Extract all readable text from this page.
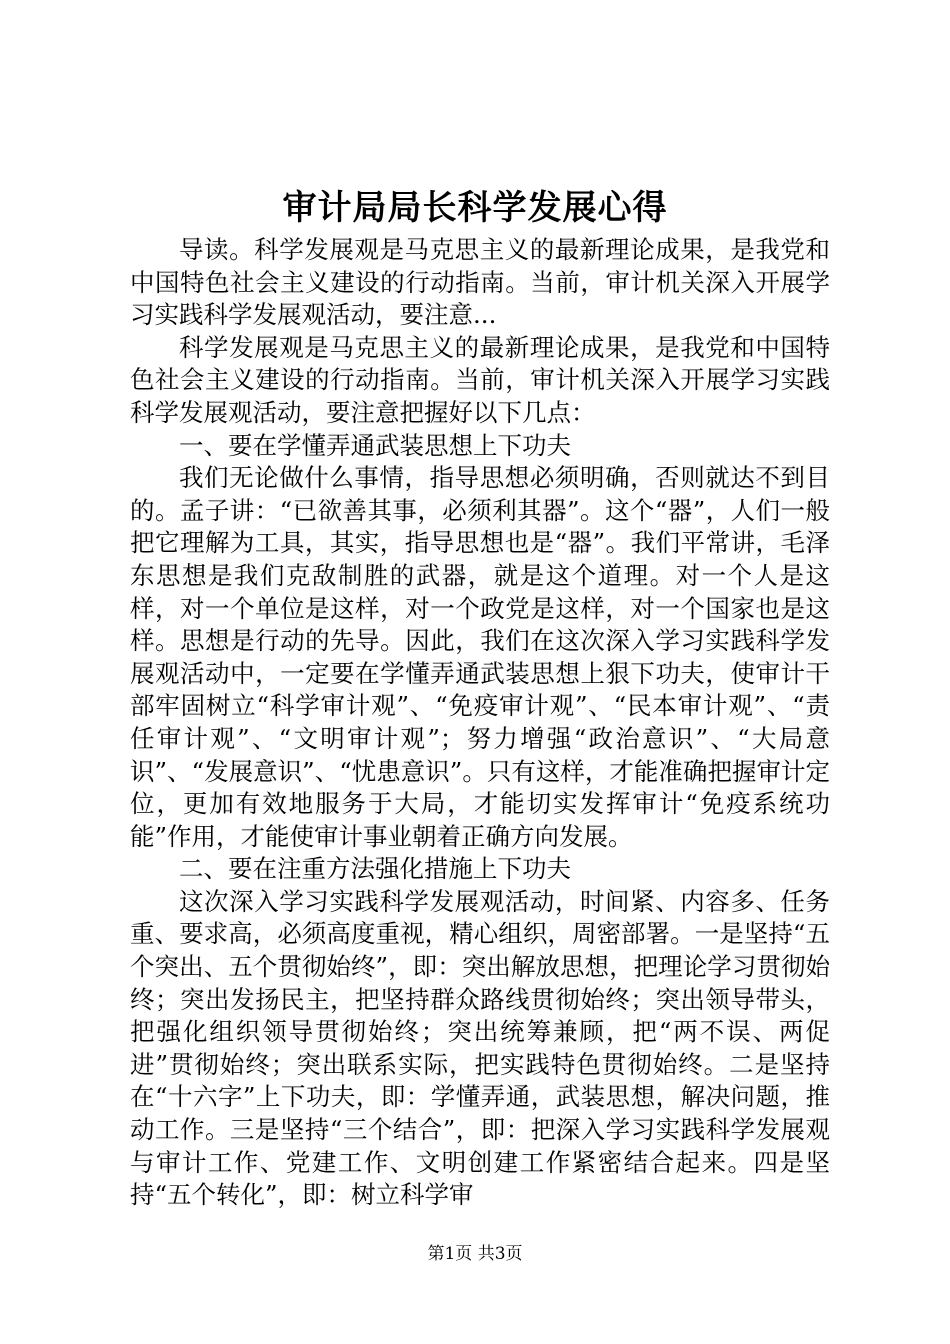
审计局局长科学发展心得

导读。科学发展观是马克思主义的最新理论成果，是我党和中国特色社会主义建设的行动指南。当前，审计机关深入开展学习实践科学发展观活动，要注意...

科学发展观是马克思主义的最新理论成果，是我党和中国特色社会主义建设的行动指南。当前，审计机关深入开展学习实践科学发展观活动，要注意把握好以下几点：

一、要在学懂弄通武装思想上下功夫

我们无论做什么事情，指导思想必须明确，否则就达不到目的。孟子讲：“已欲善其事，必须利其器”。这个“器”，人们一般把它理解为工具，其实，指导思想也是“器”。我们平常讲，毛泽东思想是我们克敌制胜的武器，就是这个道理。对一个人是这样，对一个单位是这样，对一个政党是这样，对一个国家也是这样。思想是行动的先导。因此，我们在这次深入学习实践科学发展观活动中，一定要在学懂弄通武装思想上狠下功夫，使审计干部牢固树立“科学审计观”、“免疫审计观”、“民本审计观”、“责任审计观”、“文明审计观”；努力增强“政治意识”、“大局意识”、“发展意识”、“忧患意识”。只有这样，才能准确把握审计定位，更加有效地服务于大局，才能切实发挥审计“免疫系统功能”作用，才能使审计事业朝着正确方向发展。

二、要在注重方法强化措施上下功夫

这次深入学习实践科学发展观活动，时间紧、内容多、任务重、要求高，必须高度重视，精心组织，周密部署。一是坚持“五个突出、五个贯彻始终”，即：突出解放思想，把理论学习贯彻始终；突出发扬民主，把坚持群众路线贯彻始终；突出领导带头，把强化组织领导贯彻始终；突出统筹兼顾，把“两不误、两促进”贯彻始终；突出联系实际，把实践特色贯彻始终。二是坚持在“十六字”上下功夫，即：学懂弄通，武装思想，解决问题，推动工作。三是坚持“三个结合”，即：把深入学习实践科学发展观与审计工作、党建工作、文明创建工作紧密结合起来。四是坚持“五个转化”，即：树立科学审

第1页 共3页
